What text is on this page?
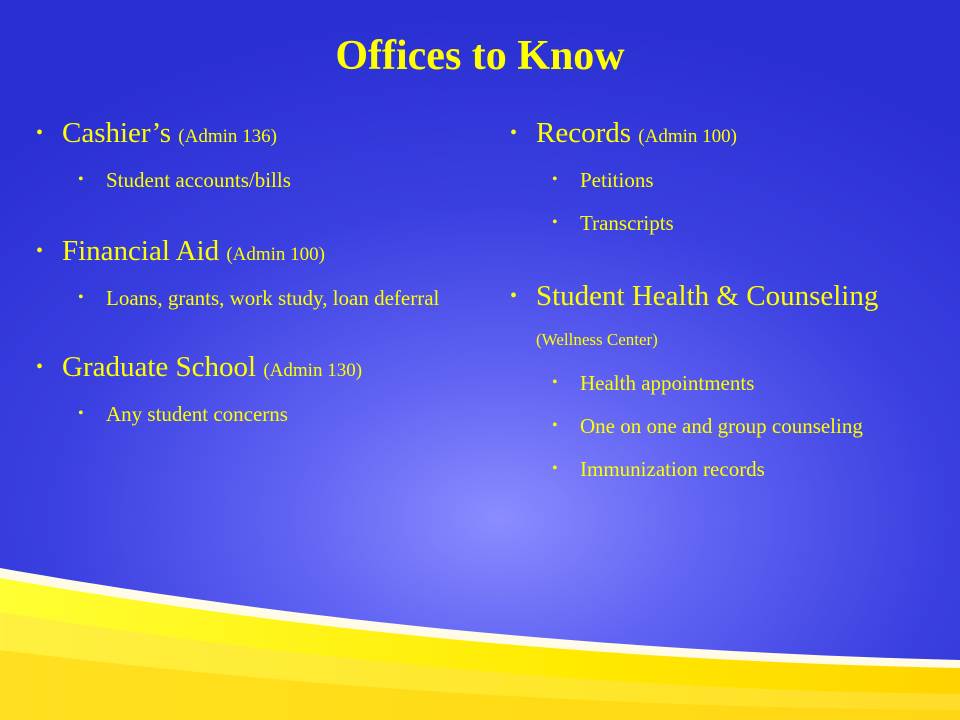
Offices to Know
• Cashier’s (Admin 136)
• Student accounts/bills
• Financial Aid (Admin 100)
• Loans, grants, work study, loan deferral
• Graduate School (Admin 130)
• Any student concerns
• Records (Admin 100)
• Petitions
• Transcripts
• Student Health & Counseling (Wellness Center)
• Health appointments
• One on one and group counseling
• Immunization records
